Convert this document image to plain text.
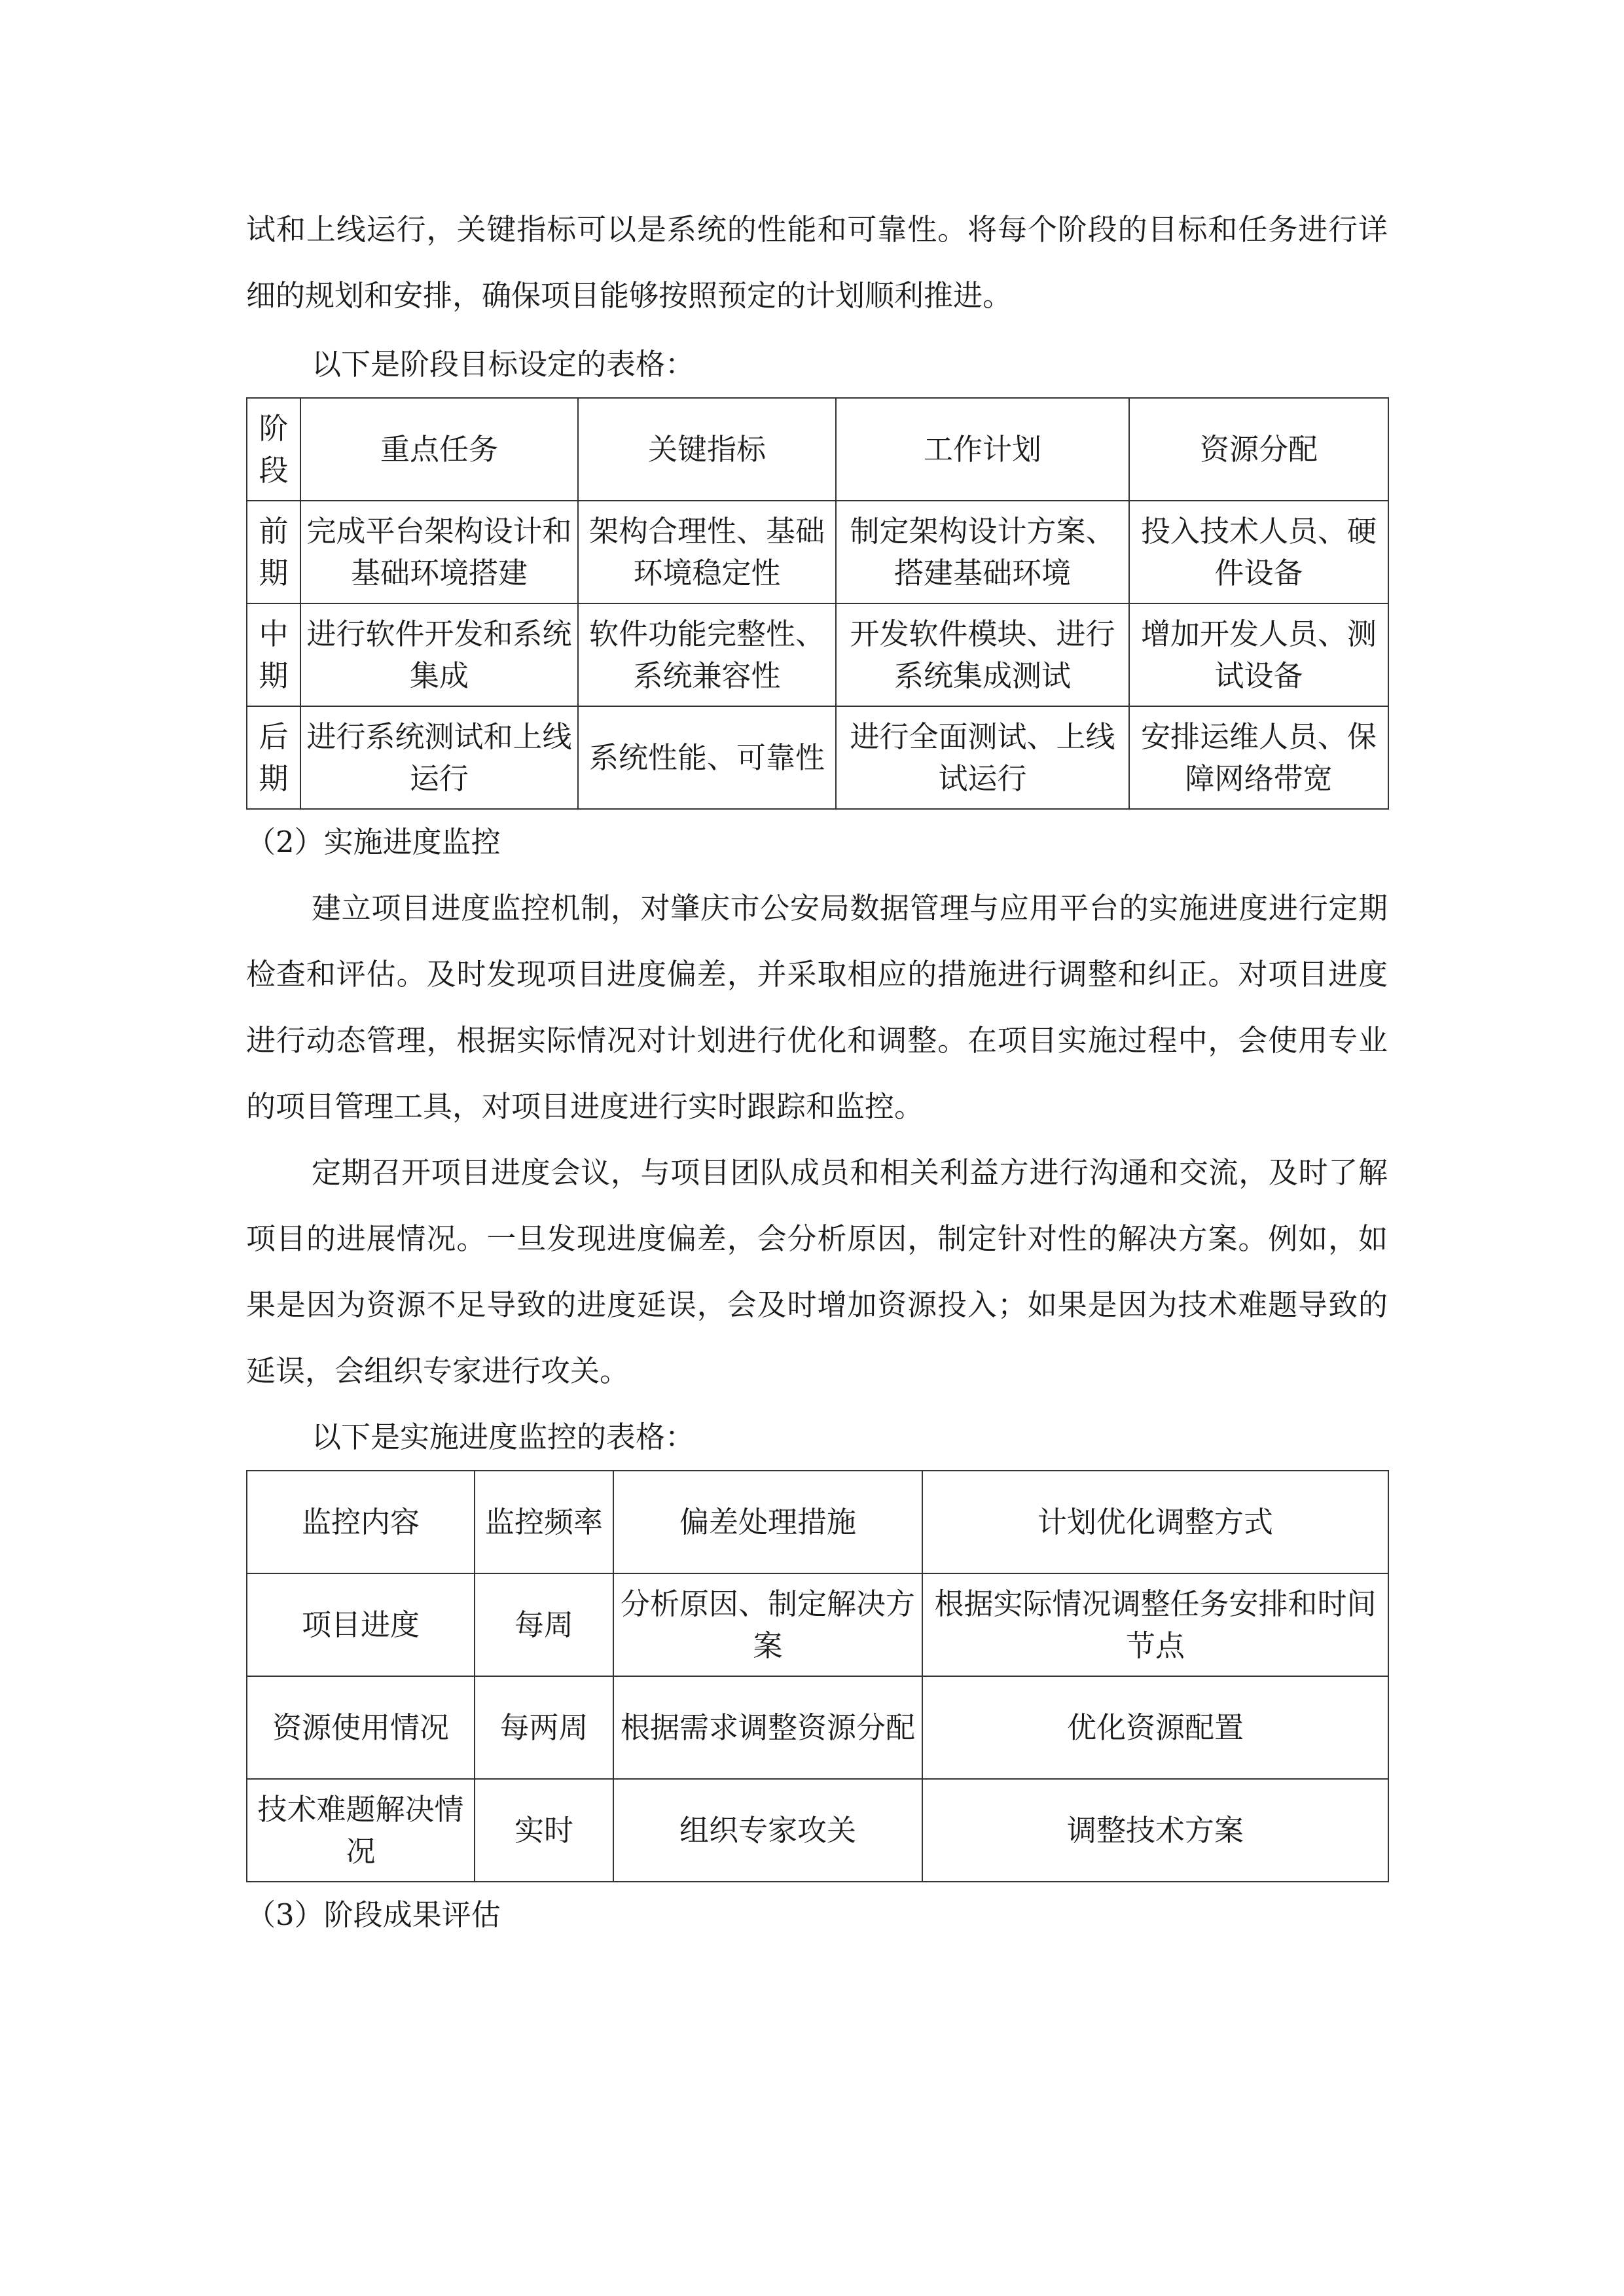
试和上线运行，关键指标可以是系统的性能和可靠性。将每个阶段的目标和任务进行详细的规划和安排，确保项目能够按照预定的计划顺利推进。

以下是阶段目标设定的表格：

阶段	重点任务	关键指标	工作计划	资源分配
前期	完成平台架构设计和基础环境搭建	架构合理性、基础环境稳定性	制定架构设计方案、搭建基础环境	投入技术人员、硬件设备
中期	进行软件开发和系统集成	软件功能完整性、系统兼容性	开发软件模块、进行系统集成测试	增加开发人员、测试设备
后期	进行系统测试和上线运行	系统性能、可靠性	进行全面测试、上线试运行	安排运维人员、保障网络带宽

（2）实施进度监控

建立项目进度监控机制，对肇庆市公安局数据管理与应用平台的实施进度进行定期检查和评估。及时发现项目进度偏差，并采取相应的措施进行调整和纠正。对项目进度进行动态管理，根据实际情况对计划进行优化和调整。在项目实施过程中，会使用专业的项目管理工具，对项目进度进行实时跟踪和监控。

定期召开项目进度会议，与项目团队成员和相关利益方进行沟通和交流，及时了解项目的进展情况。一旦发现进度偏差，会分析原因，制定针对性的解决方案。例如，如果是因为资源不足导致的进度延误，会及时增加资源投入；如果是因为技术难题导致的延误，会组织专家进行攻关。

以下是实施进度监控的表格：

监控内容	监控频率	偏差处理措施	计划优化调整方式
项目进度	每周	分析原因、制定解决方案	根据实际情况调整任务安排和时间节点
资源使用情况	每两周	根据需求调整资源分配	优化资源配置
技术难题解决情况	实时	组织专家攻关	调整技术方案

（3）阶段成果评估
